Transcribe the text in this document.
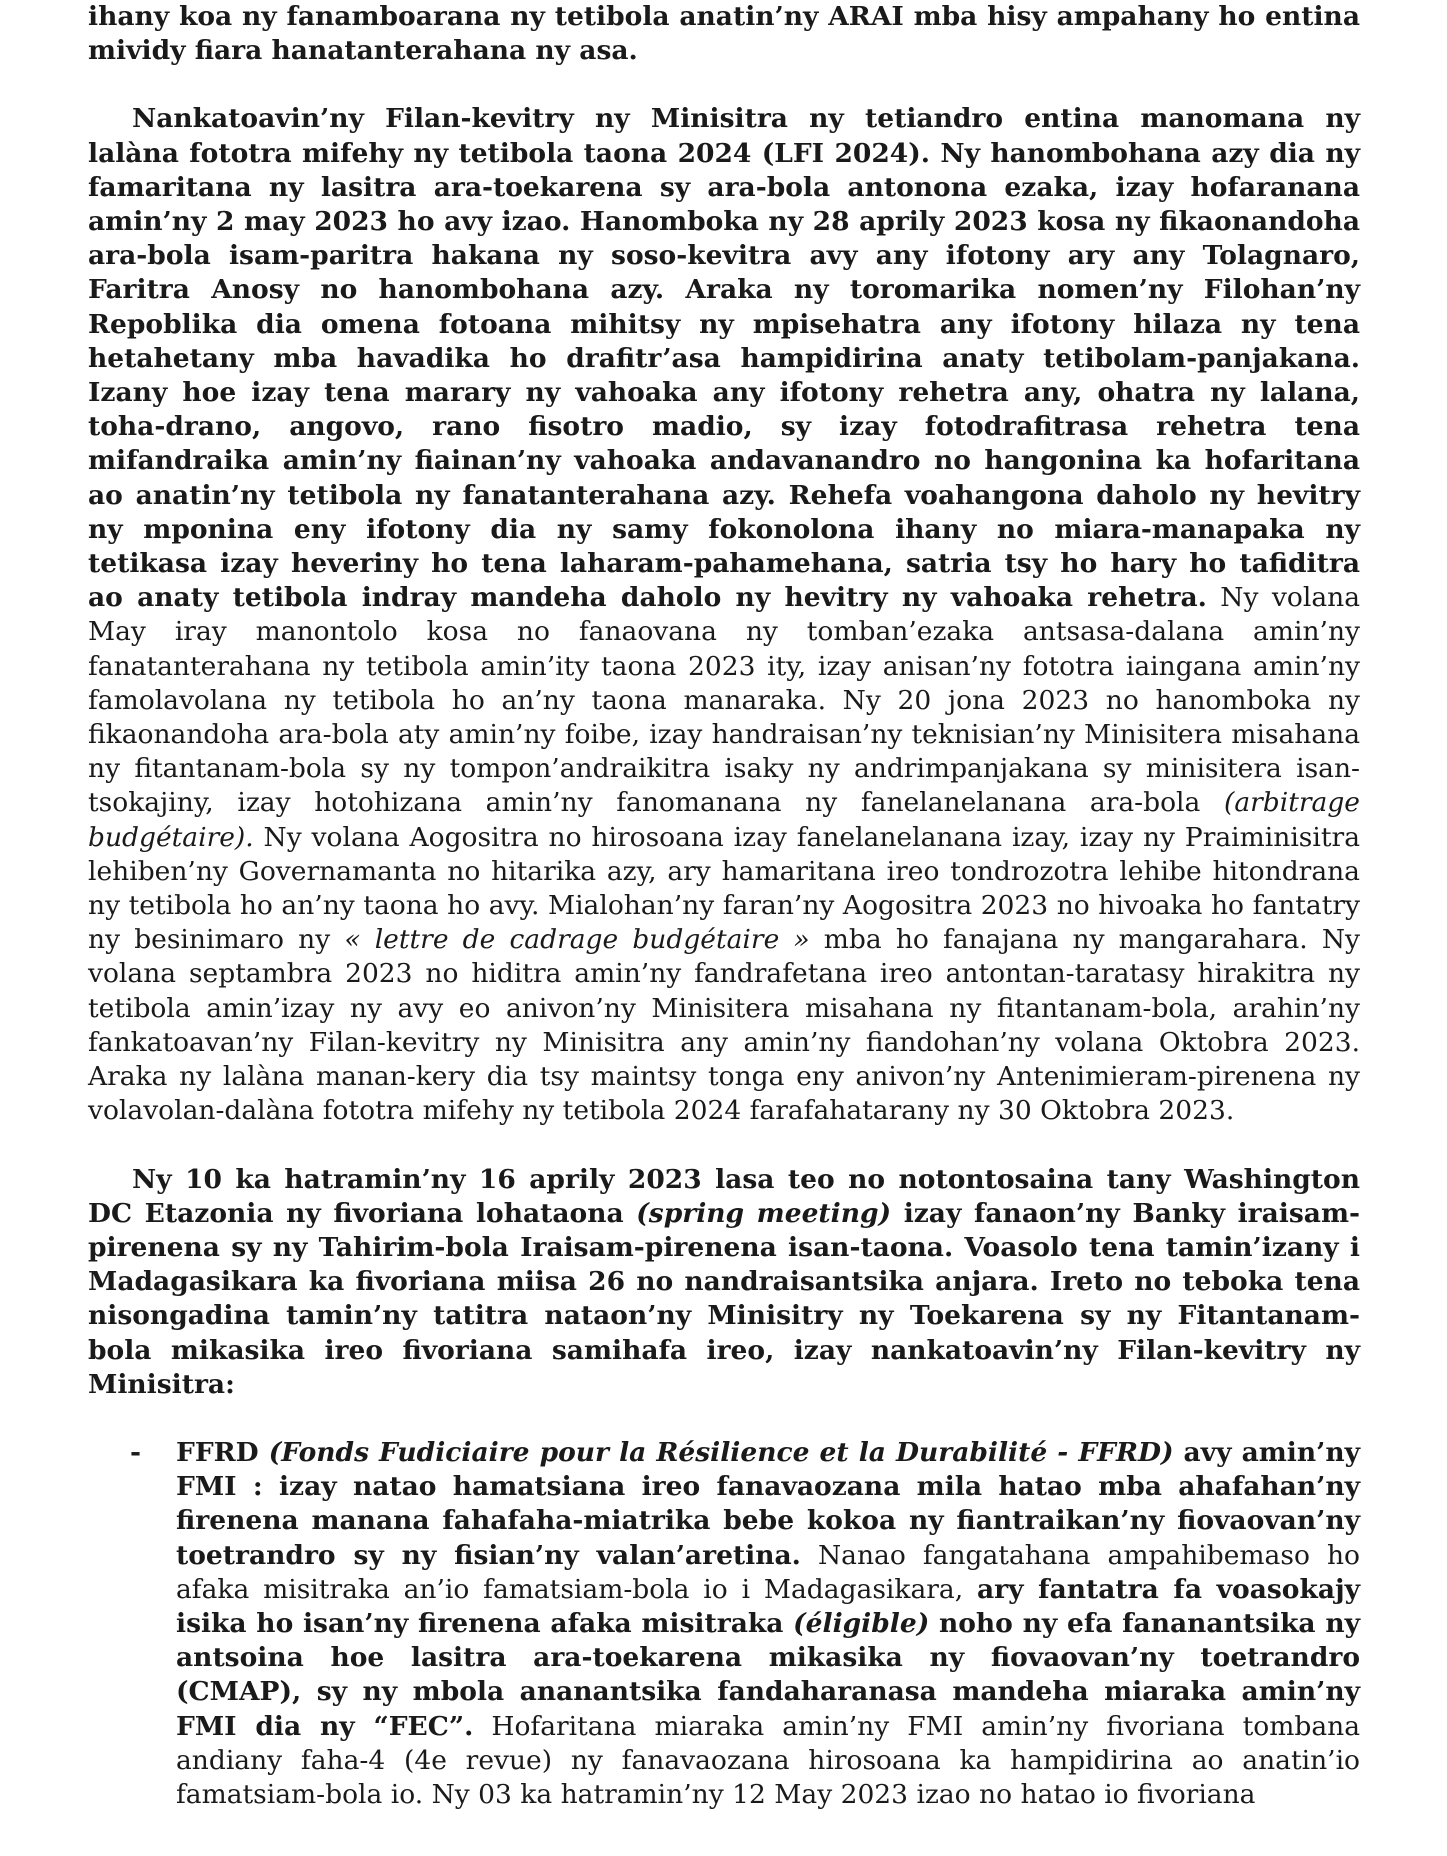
ihany koa ny fanamboarana ny tetibola anatin’ny ARAI mba hisy ampahany ho entina mividy fiara hanatanterahana ny asa.

Nankatoavin’ny Filan-kevitry ny Minisitra ny tetiandro entina manomana ny lalàna fototra mifehy ny tetibola taona 2024 (LFI 2024). Ny hanombohana azy dia ny famaritana ny lasitra ara-toekarena sy ara-bola antonona ezaka, izay hofaranana amin’ny 2 may 2023 ho avy izao. Hanomboka ny 28 aprily 2023 kosa ny fikaonandoha ara-bola isam-paritra hakana ny soso-kevitra avy any ifotony ary any Tolagnaro, Faritra Anosy no hanombohana azy. Araka ny toromarika nomen’ny Filohan’ny Repoblika dia omena fotoana mihitsy ny mpisehatra any ifotony hilaza ny tena hetahetany mba havadika ho drafitr’asa hampidirina anaty tetibolam-panjakana. Izany hoe izay tena marary ny vahoaka any ifotony rehetra any, ohatra ny lalana, toha-drano, angovo, rano fisotro madio, sy izay fotodrafitrasa rehetra tena mifandraika amin’ny fiainan’ny vahoaka andavanandro no hangonina ka hofaritana ao anatin’ny tetibola ny fanatanterahana azy. Rehefa voahangona daholo ny hevitry ny mponina eny ifotony dia ny samy fokonolona ihany no miara-manapaka ny tetikasa izay heveriny ho tena laharam-pahamehana, satria tsy ho hary ho tafiditra ao anaty tetibola indray mandeha daholo ny hevitry ny vahoaka rehetra. Ny volana May iray manontolo kosa no fanaovana ny tomban’ezaka antsasa-dalana amin’ny fanatanterahana ny tetibola amin’ity taona 2023 ity, izay anisan’ny fototra iaingana amin’ny famolavolana ny tetibola ho an’ny taona manaraka. Ny 20 jona 2023 no hanomboka ny fikaonandoha ara-bola aty amin’ny foibe, izay handraisan’ny teknisian’ny Minisitera misahana ny fitantanam-bola sy ny tompon’andraikitra isaky ny andrimpanjakana sy minisitera isan-tsokajiny, izay hotohizana amin’ny fanomanana ny fanelanelanana ara-bola (arbitrage budgétaire). Ny volana Aogositra no hirosoana izay fanelanelanana izay, izay ny Praiminisitra lehiben’ny Governamanta no hitarika azy, ary hamaritana ireo tondrozotra lehibe hitondrana ny tetibola ho an’ny taona ho avy. Mialohan’ny faran’ny Aogositra 2023 no hivoaka ho fantatry ny besinimaro ny « lettre de cadrage budgétaire » mba ho fanajana ny mangarahara. Ny volana septambra 2023 no hiditra amin’ny fandrafetana ireo antontan-taratasy hirakitra ny tetibola amin’izay ny avy eo anivon’ny Minisitera misahana ny fitantanam-bola, arahin’ny fankatoavan’ny Filan-kevitry ny Minisitra any amin’ny fiandohan’ny volana Oktobra 2023. Araka ny lalàna manan-kery dia tsy maintsy tonga eny anivon’ny Antenimieram-pirenena ny volavolan-dalàna fototra mifehy ny tetibola 2024 farafahatarany ny 30 Oktobra 2023.

Ny 10 ka hatramin’ny 16 aprily 2023 lasa teo no notontosaina tany Washington DC Etazonia ny fivoriana lohataona (spring meeting) izay fanaon’ny Banky iraisam-pirenena sy ny Tahirim-bola Iraisam-pirenena isan-taona. Voasolo tena tamin’izany i Madagasikara ka fivoriana miisa 26 no nandraisantsika anjara. Ireto no teboka tena nisongadina tamin’ny tatitra nataon’ny Minisitry ny Toekarena sy ny Fitantanam-bola mikasika ireo fivoriana samihafa ireo, izay nankatoavin’ny Filan-kevitry ny Minisitra:

- FFRD (Fonds Fudiciaire pour la Résilience et la Durabilité - FFRD) avy amin’ny FMI : izay natao hamatsiana ireo fanavaozana mila hatao mba ahafahan’ny firenena manana fahafaha-miatrika bebe kokoa ny fiantraikan’ny fiovaovan’ny toetrandro sy ny fisian’ny valan’aretina. Nanao fangatahana ampahibemaso ho afaka misitraka an’io famatsiam-bola io i Madagasikara, ary fantatra fa voasokajy isika ho isan’ny firenena afaka misitraka (éligible) noho ny efa fananantsika ny antsoina hoe lasitra ara-toekarena mikasika ny fiovaovan’ny toetrandro (CMAP), sy ny mbola ananantsika fandaharanasa mandeha miaraka amin’ny FMI dia ny “FEC”. Hofaritana miaraka amin’ny FMI amin’ny fivoriana tombana andiany faha-4 (4e revue) ny fanavaozana hirosoana ka hampidirina ao anatin’io famatsiam-bola io. Ny 03 ka hatramin’ny 12 May 2023 izao no hatao io fivoriana
